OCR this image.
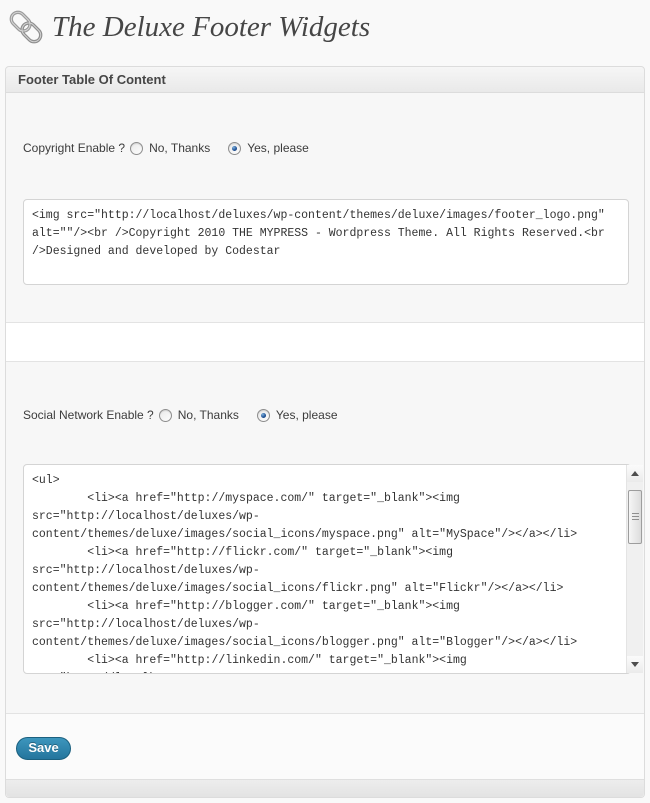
The Deluxe Footer Widgets
Footer Table Of Content
Copyright Enable ? No, Thanks	Yes, please
<img src="http://localhost/deluxes/wp-content/themes/deluxe/images/footer_logo.png" alt=""/><br />Copyright 2010 THE MYPRESS - Wordpress Theme. All Rights Reserved.<br />Designed and developed by Codestar
Social Network Enable ? No, Thanks	Yes, please
<ul> <li><a href="http://myspace.com/" target="_blank"><img src="http://localhost/deluxes/wp-content/themes/deluxe/images/social_icons/myspace.png" alt="MySpace"/></a></li> <li><a href="http://flickr.com/" target="_blank"><img src="http://localhost/deluxes/wp-content/themes/deluxe/images/social_icons/flickr.png" alt="Flickr"/></a></li> <li><a href="http://blogger.com/" target="_blank"><img src="http://localhost/deluxes/wp-content/themes/deluxe/images/social_icons/blogger.png" alt="Blogger"/></a></li> <li><a href="http://linkedin.com/" target="_blank"><img src="http://localhost
Save
